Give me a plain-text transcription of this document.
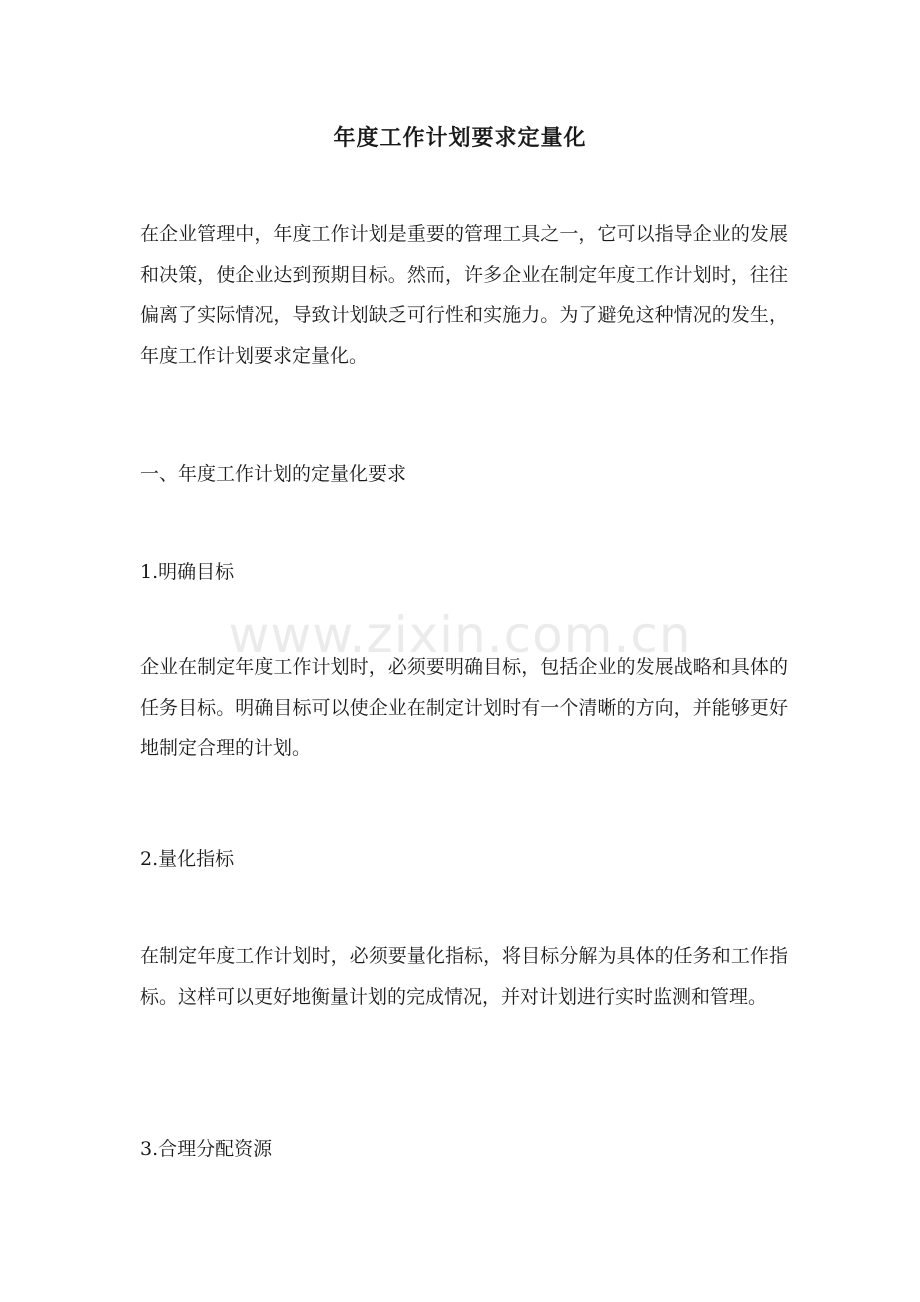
年度工作计划要求定量化

在企业管理中，年度工作计划是重要的管理工具之一，它可以指导企业的发展和决策，使企业达到预期目标。然而，许多企业在制定年度工作计划时，往往偏离了实际情况，导致计划缺乏可行性和实施力。为了避免这种情况的发生，年度工作计划要求定量化。

一、年度工作计划的定量化要求

1.明确目标

企业在制定年度工作计划时，必须要明确目标，包括企业的发展战略和具体的任务目标。明确目标可以使企业在制定计划时有一个清晰的方向，并能够更好地制定合理的计划。

2.量化指标

在制定年度工作计划时，必须要量化指标，将目标分解为具体的任务和工作指标。这样可以更好地衡量计划的完成情况，并对计划进行实时监测和管理。

3.合理分配资源

www.zixin.com.cn
